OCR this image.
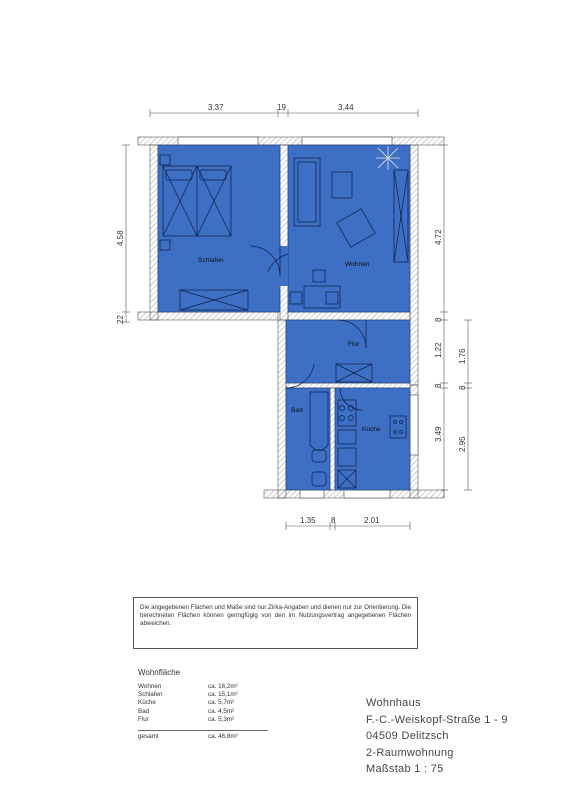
Schlafen
Wohnen
Flur
Bad
Küche
3.37	19	3.44
4.58
22
4.72
8
1.22
8
3.49
1.76
8
2.95
1.35 8	2.01
Die angegebenen Flächen und Maße sind nur Zirka-Angaben und dienen nur zur Orientierung. Die berechneten Flächen können geringfügig von den im Nutzungsvertrag angegebenen Flächen abweichen.
Wohnfläche
Wohnen	ca. 16,2m²
Schlafen	ca. 15,1m²
Küche	ca. 5,7m²
Bad	ca. 4,5m²
Flur	ca. 5,3m²
gesamt	ca. 46,8m²
Wohnhaus
F.-C.-Weiskopf-Straße 1 - 9
04509 Delitzsch
2-Raumwohnung
Maßstab 1 : 75
